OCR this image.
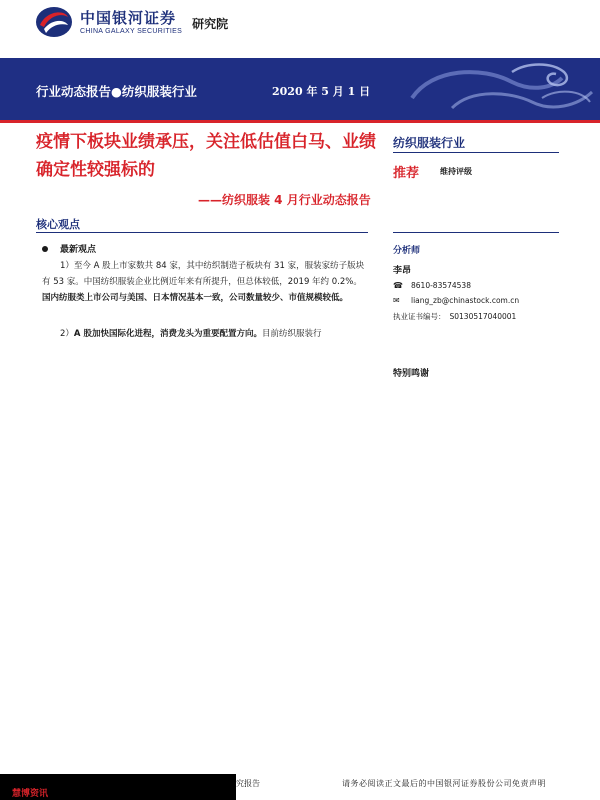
中国银河证券
CHINA GALAXY SECURITIES
研究院
行业动态报告●纺织服装行业	2020 年 5 月 1 日
疫情下板块业绩承压，关注低估值白马、业绩确定性较强标的
——纺织服装 4 月行业动态报告
核心观点
最新观点
1）至今 A 股上市家数共 84 家，其中纺织制造子板块有 31 家，服装家纺子版块有 53 家。中国纺织服装企业比例近年来有所提升，但总体较低，2019 年约 0.2%。国内纺服类上市公司与美国、日本情况基本一致，公司数量较少、市值规模较低。
2）A 股加快国际化进程，消费龙头为重要配置方向。目前纺织服装行
纺织服装行业
推荐	维持评级
分析师
李昂
☎ 8610-83574538
✉	liang_zb@chinastock.com.cn
执业证书编号： S0130517040001
特别鸣谢
慧博资讯
究报告	请务必阅读正文最后的中国银河证券股份公司免责声明
